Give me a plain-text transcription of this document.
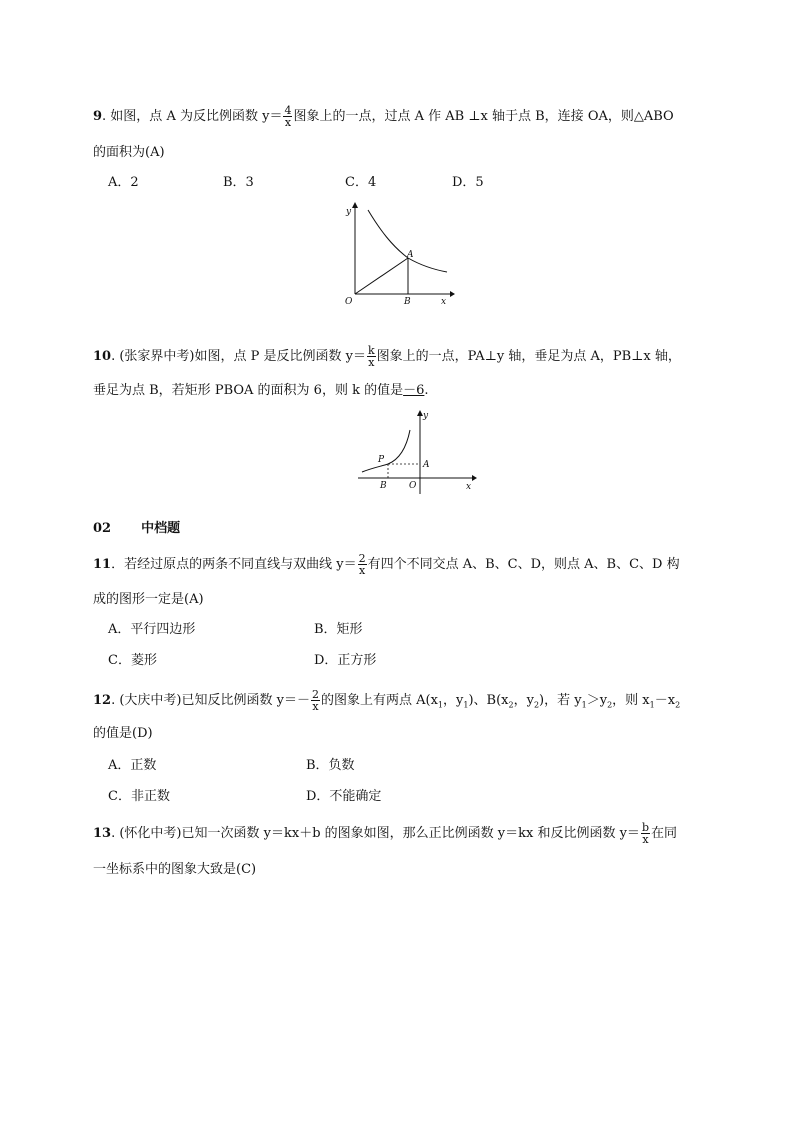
9. 如图，点 A 为反比例函数 $y= \frac{4}{x}$ 图象上的一点，过点 A 作 AB ⊥x 轴于点 B，连接 OA，则△ABO
的面积为(A)
A．2	B．3	C．4	D．5
y
x
O
A
B
10. (张家界中考)如图，点 P 是反比例函数 $y= \frac{k}{x}$ 图象上的一点，PA⊥y 轴，垂足为点 A，PB⊥x 轴，
垂足为点 B，若矩形 PBOA 的面积为 6，则 k 的值是－6.
y
x
O
A
B
P
02 中档题
11．若经过原点的两条不同直线与双曲线 $y= \frac{2}{x}$ 有四个不同交点 A、B、C、D，则点 A、B、C、D 构
成的图形一定是(A)
A．平行四边形	B．矩形
C．菱形	D．正方形
12. (大庆中考)已知反比例函数 $y=- \frac{2}{x}$ 的图象上有两点 $A(x_1$，$y_1$)、$B(x_2$，$y_2$)，若 $y_1>y_2$，则 $x_1-x_2$
的值是(D)
A．正数	B．负数
C．非正数	D．不能确定
13. (怀化中考)已知一次函数 y＝kx＋b 的图象如图，那么正比例函数 y＝kx 和反比例函数 $y= \frac{b}{x}$ 在同
一坐标系中的图象大致是(C)
